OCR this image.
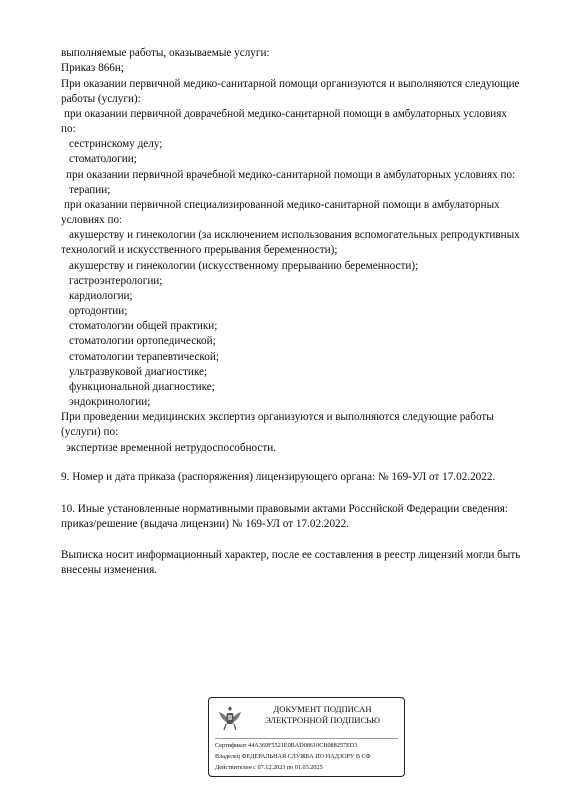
выполняемые работы, оказываемые услуги:
Приказ 866н;
При оказании первичной медико-санитарной помощи организуются и выполняются следующие
работы (услуги):
при оказании первичной доврачебной медико-санитарной помощи в амбулаторных условиях
по:
сестринскому делу;
стоматологии;
при оказании первичной врачебной медико-санитарной помощи в амбулаторных условиях по:
терапии;
при оказании первичной специализированной медико-санитарной помощи в амбулаторных
условиях по:
акушерству и гинекологии (за исключением использования вспомогательных репродуктивных
технологий и искусственного прерывания беременности);
акушерству и гинекологии (искусственному прерыванию беременности);
гастроэнтерологии;
кардиологии;
ортодонтии;
стоматологии общей практики;
стоматологии ортопедической;
стоматологии терапевтической;
ультразвуковой диагностике;
функциональной диагностике;
эндокринологии;
При проведении медицинских экспертиз организуются и выполняются следующие работы
(услуги) по:
экспертизе временной нетрудоспособности.
9. Номер и дата приказа (распоряжения) лицензирующего органа: № 169-УЛ от 17.02.2022.
10. Иные установленные нормативными правовыми актами Российской Федерации сведения:
приказ/решение (выдача лицензии) № 169-УЛ от 17.02.2022.
Выписка носит информационный характер, после ее составления в реестр лицензий могли быть
внесены изменения.
ДОКУМЕНТ ПОДПИСАН
ЭЛЕКТРОННОЙ ПОДПИСЬЮ
Сертификат 44A369F5521E0BAD08610CB088257ED3
Владелец ФЕДЕРАЛЬНАЯ СЛУЖБА ПО НАДЗОРУ В СФ
Действителен с 07.12.2023 по 01.03.2025
